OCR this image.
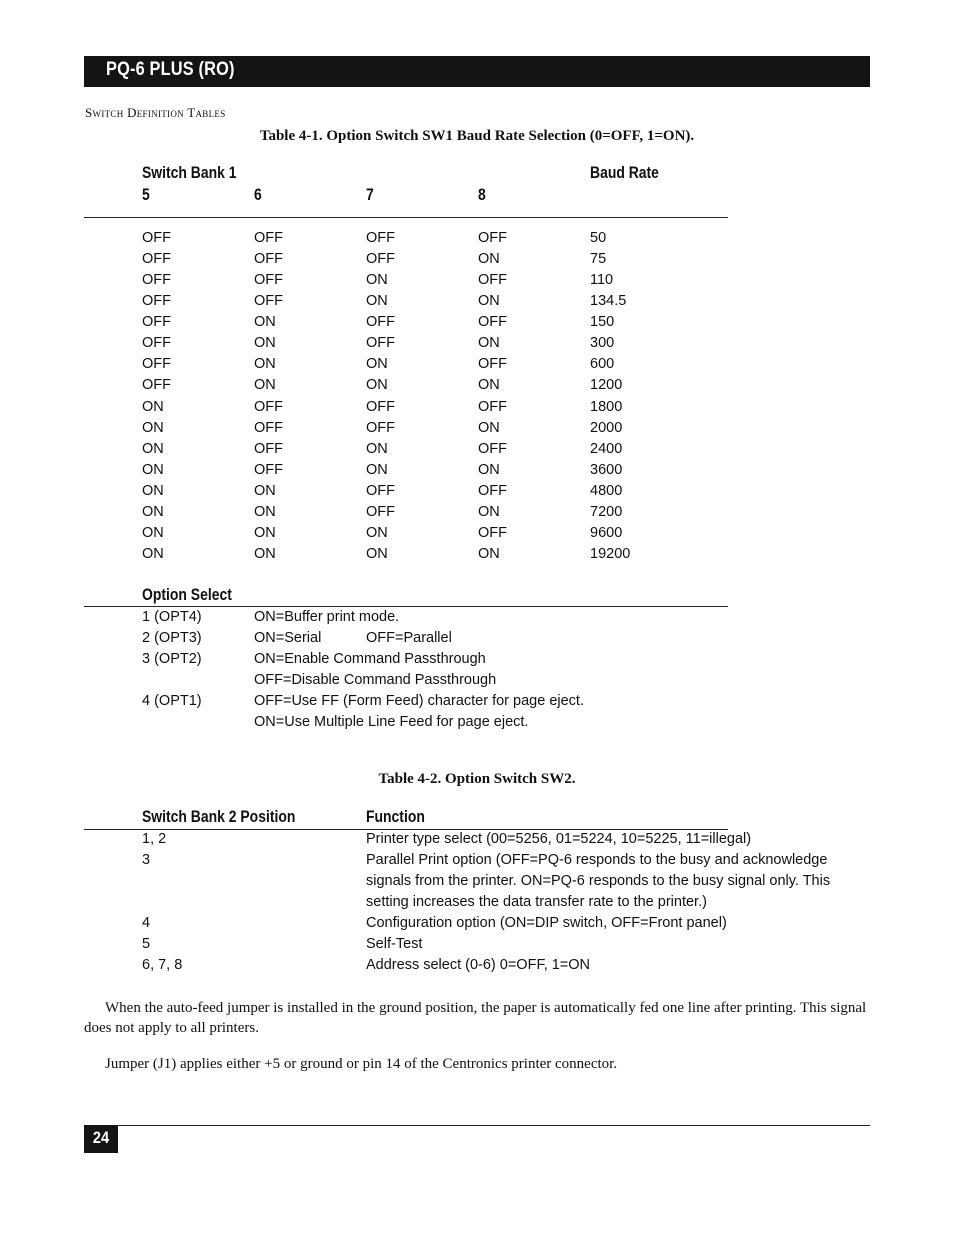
PQ-6 PLUS (RO)
Switch Definition Tables
Table 4-1. Option Switch SW1 Baud Rate Selection (0=OFF, 1=ON).
Switch Bank 1	Baud Rate
5	6	7	8
OFF	OFF	OFF	OFF	50
OFF	OFF	OFF	ON	75
OFF	OFF	ON	OFF	110
OFF	OFF	ON	ON	134.5
OFF	ON	OFF	OFF	150
OFF	ON	OFF	ON	300
OFF	ON	ON	OFF	600
OFF	ON	ON	ON	1200
ON	OFF	OFF	OFF	1800
ON	OFF	OFF	ON	2000
ON	OFF	ON	OFF	2400
ON	OFF	ON	ON	3600
ON	ON	OFF	OFF	4800
ON	ON	OFF	ON	7200
ON	ON	ON	OFF	9600
ON	ON	ON	ON	19200
Option Select
1 (OPT4)	ON=Buffer print mode.
2 (OPT3)	ON=Serial	OFF=Parallel
3 (OPT2)	ON=Enable Command Passthrough
OFF=Disable Command Passthrough
4 (OPT1)	OFF=Use FF (Form Feed) character for page eject.
ON=Use Multiple Line Feed for page eject.
Table 4-2. Option Switch SW2.
Switch Bank 2 Position	Function
1, 2	Printer type select (00=5256, 01=5224, 10=5225, 11=illegal)
3	Parallel Print option (OFF=PQ-6 responds to the busy and acknowledge
signals from the printer. ON=PQ-6 responds to the busy signal only. This
setting increases the data transfer rate to the printer.)
4	Configuration option (ON=DIP switch, OFF=Front panel)
5	Self-Test
6, 7, 8	Address select (0-6) 0=OFF, 1=ON
When the auto-feed jumper is installed in the ground position, the paper is automatically fed one line after printing. This signal does not apply to all printers.
Jumper (J1) applies either +5 or ground or pin 14 of the Centronics printer connector.
24
